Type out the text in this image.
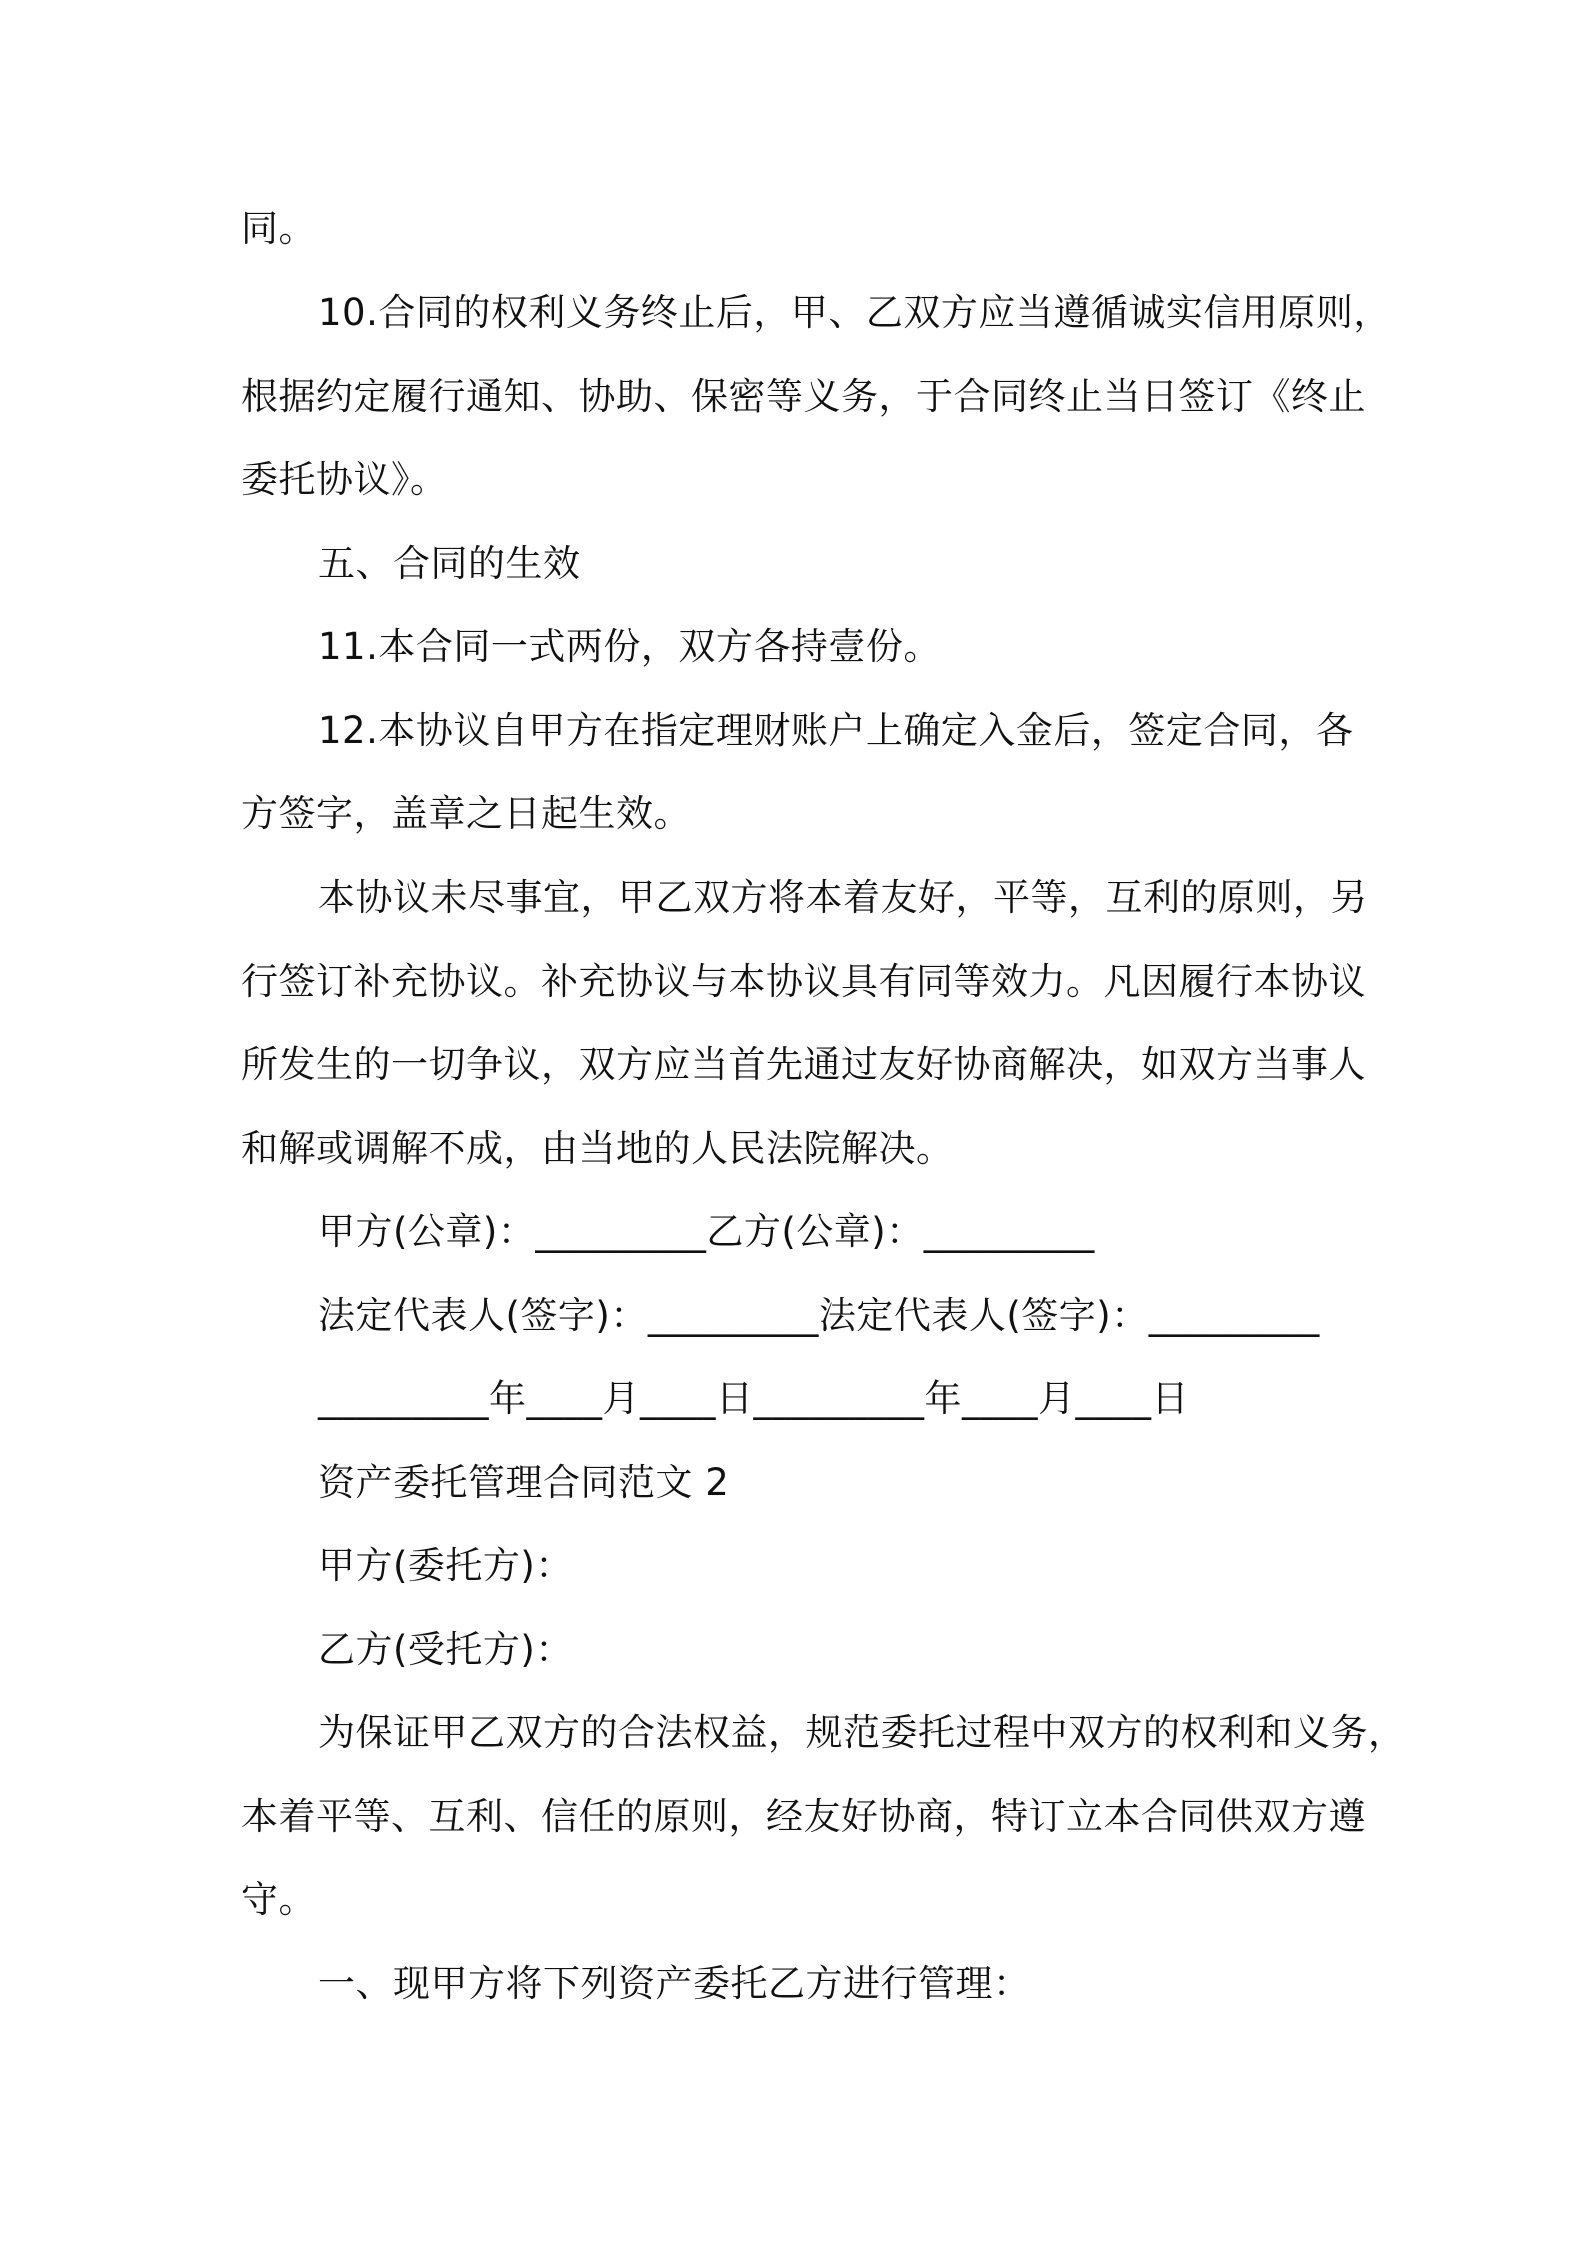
同。
10.合同的权利义务终止后，甲、乙双方应当遵循诚实信用原则，
根据约定履行通知、协助、保密等义务，于合同终止当日签订《终止
委托协议》。
五、合同的生效
11.本合同一式两份，双方各持壹份。
12.本协议自甲方在指定理财账户上确定入金后，签定合同，各
方签字，盖章之日起生效。
本协议未尽事宜，甲乙双方将本着友好，平等，互利的原则，另
行签订补充协议。补充协议与本协议具有同等效力。凡因履行本协议
所发生的一切争议，双方应当首先通过友好协商解决，如双方当事人
和解或调解不成，由当地的人民法院解决。
甲方(公章)：_________乙方(公章)：_________
法定代表人(签字)：_________法定代表人(签字)：_________
_________年____月____日_________年____月____日
资产委托管理合同范文 2
甲方(委托方)：
乙方(受托方)：
为保证甲乙双方的合法权益，规范委托过程中双方的权利和义务，
本着平等、互利、信任的原则，经友好协商，特订立本合同供双方遵
守。
一、现甲方将下列资产委托乙方进行管理：
